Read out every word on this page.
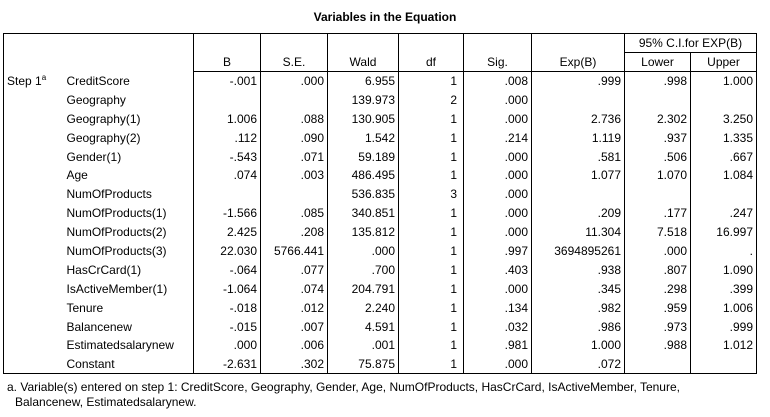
Variables in the Equation
		B	S.E.	Wald	df	Sig.	Exp(B)	95% C.I.for EXP(B)	
								Lower	Upper
Step 1$^a$	CreditScore	-.001	.000	6.955	1	.008	.999	.998	1.000
	Geography			139.973	2	.000			
	Geography(1)	1.006	.088	130.905	1	.000	2.736	2.302	3.250
	Geography(2)	.112	.090	1.542	1	.214	1.119	.937	1.335
	Gender(1)	-.543	.071	59.189	1	.000	.581	.506	.667
	Age	.074	.003	486.495	1	.000	1.077	1.070	1.084
	NumOfProducts			536.835	3	.000			
	NumOfProducts(1)	-1.566	.085	340.851	1	.000	.209	.177	.247
	NumOfProducts(2)	2.425	.208	135.812	1	.000	11.304	7.518	16.997
	NumOfProducts(3)	22.030	5766.441	.000	1	.997	3694895261	.000	.
	HasCrCard(1)	-.064	.077	.700	1	.403	.938	.807	1.090
	IsActiveMember(1)	-1.064	.074	204.791	1	.000	.345	.298	.399
	Tenure	-.018	.012	2.240	1	.134	.982	.959	1.006
	Balancenew	-.015	.007	4.591	1	.032	.986	.973	.999
	Estimatedsalarynew	.000	.006	.001	1	.981	1.000	.988	1.012
	Constant	-2.631	.302	75.875	1	.000	.072		
a. Variable(s) entered on step 1: CreditScore, Geography, Gender, Age, NumOfProducts, HasCrCard, IsActiveMember, Tenure,
Balancenew, Estimatedsalarynew.
